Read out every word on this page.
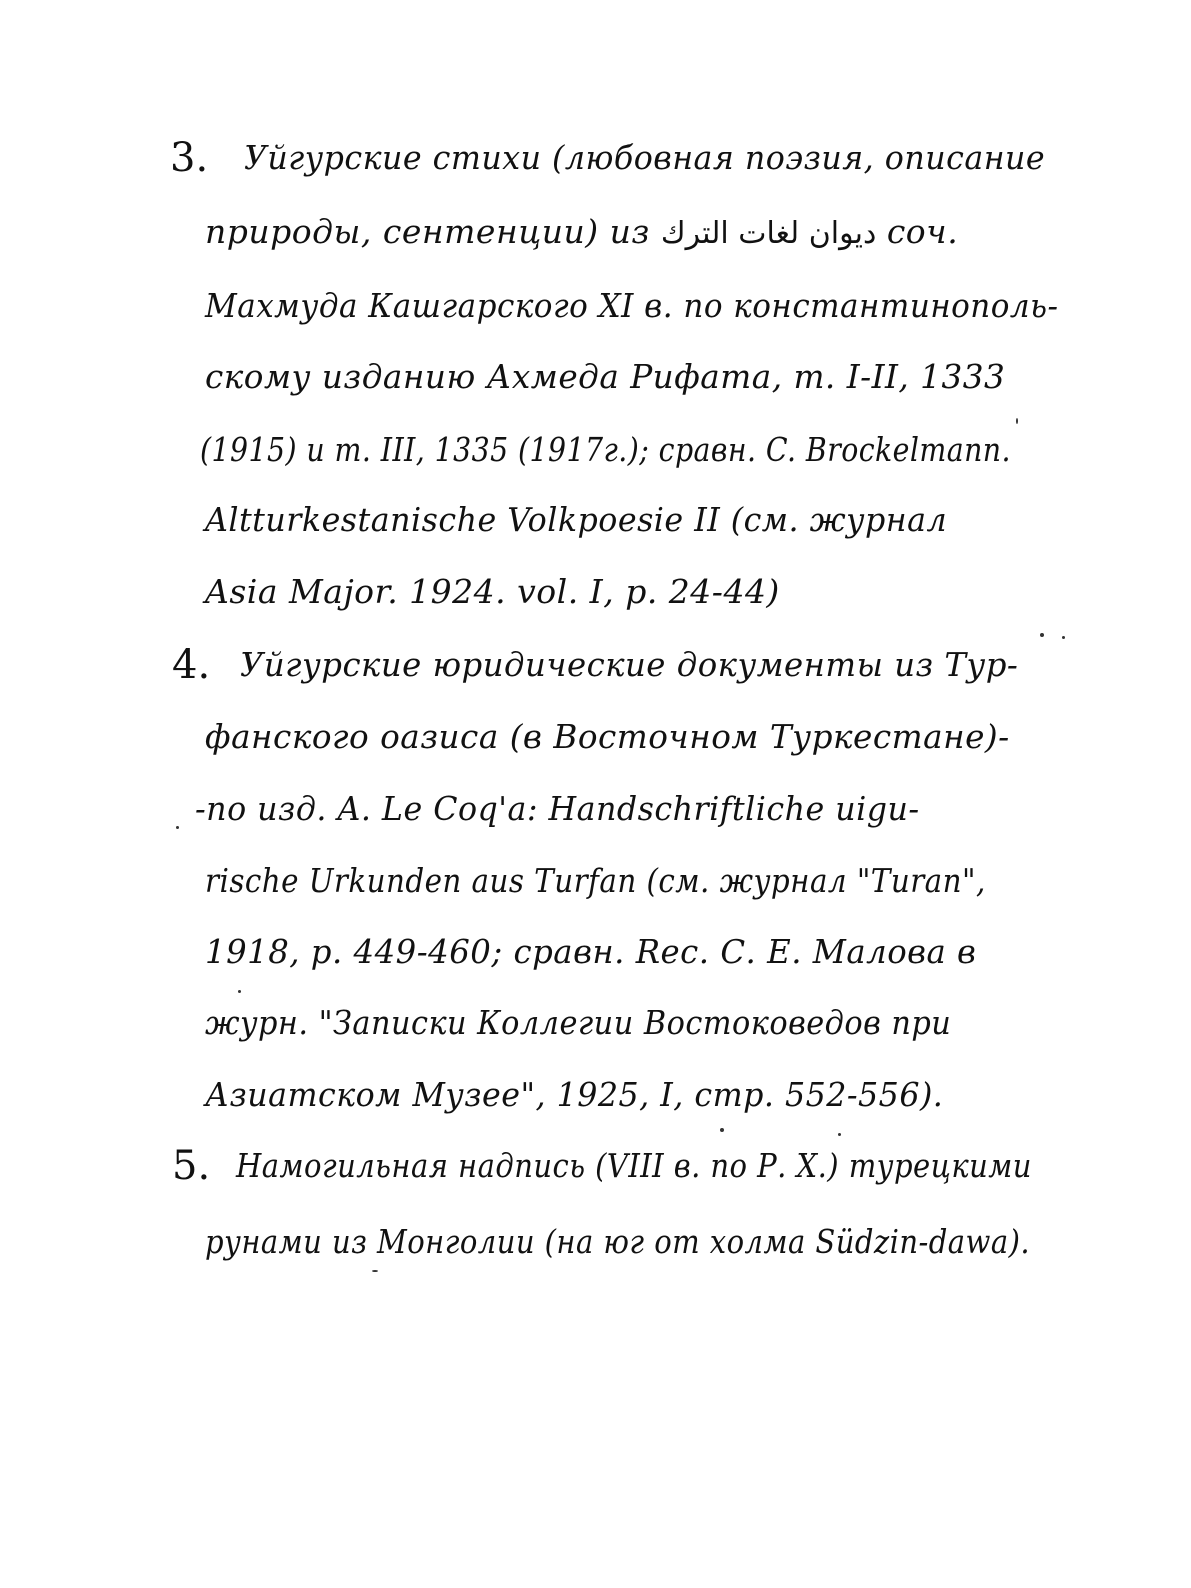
3. Уйгурские стихи (любовная поэзия, описание
природы, сентенции) из ديوان لغات الترك соч.
Махмуда Кашгарского XI в. по константинополь-
скому изданию Ахмеда Рифата, т. I-II, 1333
(1915) и т. III, 1335 (1917г.); сравн. C. Brockelmann.
Altturkestanische Volkpoesie II (см. журнал
Asia Major. 1924. vol. I, p. 24-44)
4. Уйгурские юридические документы из Тур-
фанского оазиса (в Восточном Туркестане)-
-по изд. A. Le Coq'a: Handschriftliche uigu-
rische Urkunden aus Turfan (см. журнал "Turan",
1918, p. 449-460; сравн. Rec. С. Е. Малова в
журн. "Записки Коллегии Востоковедов при
Азиатском Музее", 1925, I, стр. 552-556).
5. Намогильная надпись (VIII в. по Р. Х.) турецкими
рунами из Монголии (на юг от холма Südzin-dawa).
